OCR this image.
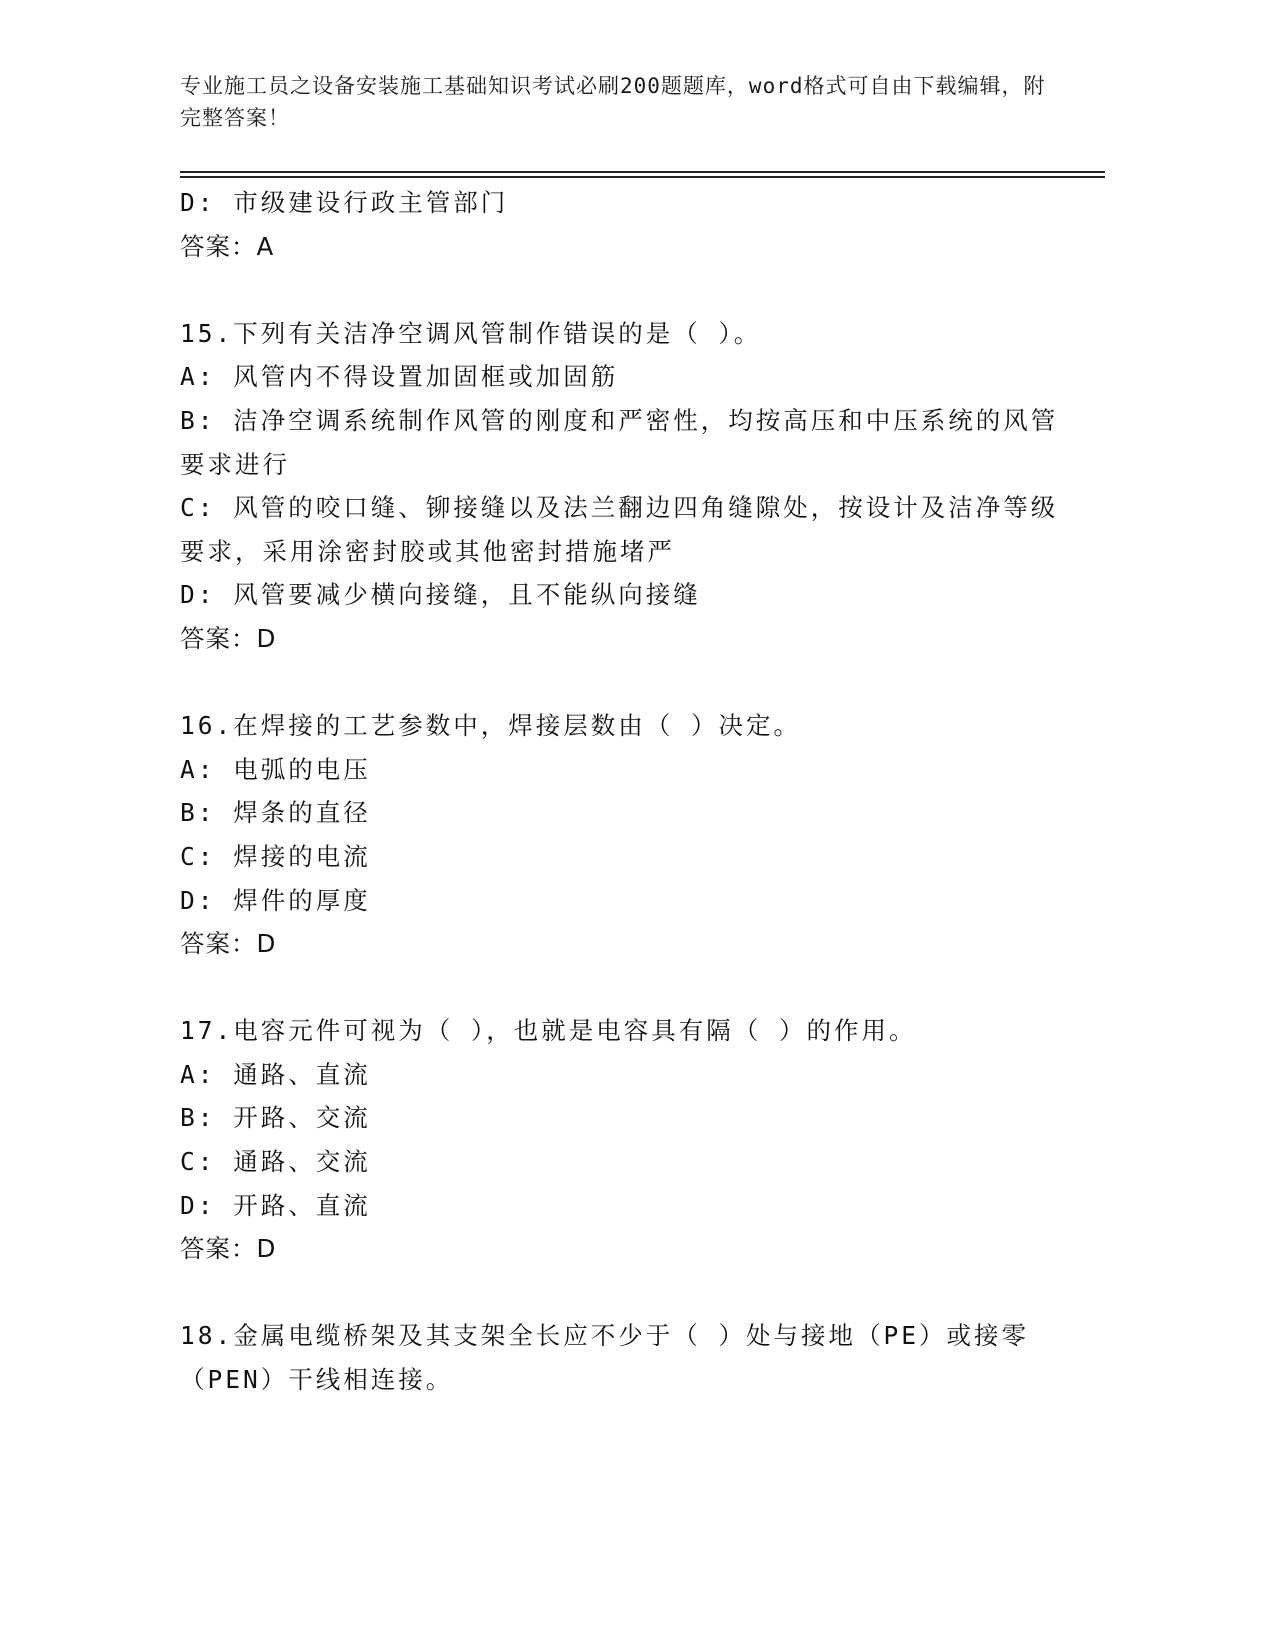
专业施工员之设备安装施工基础知识考试必刷200题题库，word格式可自由下载编辑，附完整答案！
D: 市级建设行政主管部门
答案：A
15.下列有关洁净空调风管制作错误的是（ ）。
A: 风管内不得设置加固框或加固筋
B: 洁净空调系统制作风管的刚度和严密性，均按高压和中压系统的风管要求进行
C: 风管的咬口缝、铆接缝以及法兰翻边四角缝隙处，按设计及洁净等级要求，采用涂密封胶或其他密封措施堵严
D: 风管要减少横向接缝，且不能纵向接缝
答案：D
16.在焊接的工艺参数中，焊接层数由（ ）决定。
A: 电弧的电压
B: 焊条的直径
C: 焊接的电流
D: 焊件的厚度
答案：D
17.电容元件可视为（ ），也就是电容具有隔（ ）的作用。
A: 通路、直流
B: 开路、交流
C: 通路、交流
D: 开路、直流
答案：D
18.金属电缆桥架及其支架全长应不少于（ ）处与接地（PE）或接零（PEN）干线相连接。
